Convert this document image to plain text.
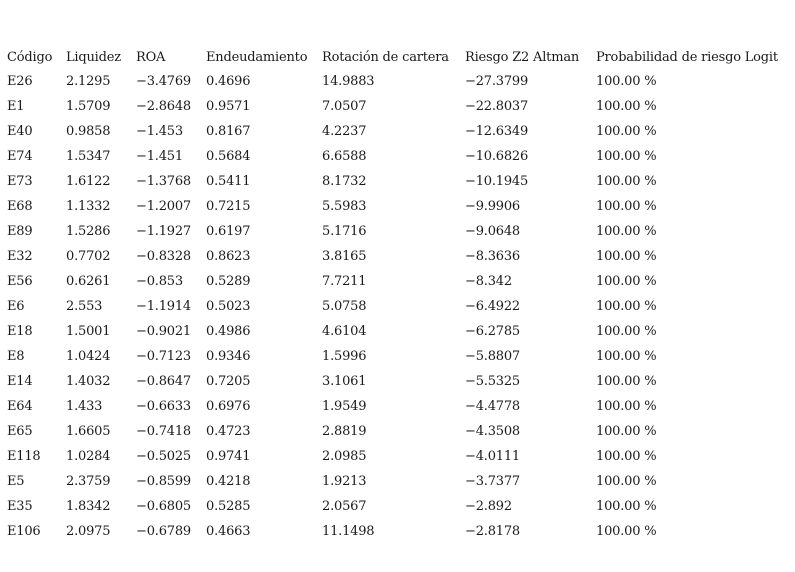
Código	Liquidez	ROA	Endeudamiento	Rotación de cartera	Riesgo Z2 Altman	Probabilidad de riesgo Logit
E26	2.1295	−3.4769	0.4696	14.9883	−27.3799	100.00 %
E1	1.5709	−2.8648	0.9571	7.0507	−22.8037	100.00 %
E40	0.9858	−1.453	0.8167	4.2237	−12.6349	100.00 %
E74	1.5347	−1.451	0.5684	6.6588	−10.6826	100.00 %
E73	1.6122	−1.3768	0.5411	8.1732	−10.1945	100.00 %
E68	1.1332	−1.2007	0.7215	5.5983	−9.9906	100.00 %
E89	1.5286	−1.1927	0.6197	5.1716	−9.0648	100.00 %
E32	0.7702	−0.8328	0.8623	3.8165	−8.3636	100.00 %
E56	0.6261	−0.853	0.5289	7.7211	−8.342	100.00 %
E6	2.553	−1.1914	0.5023	5.0758	−6.4922	100.00 %
E18	1.5001	−0.9021	0.4986	4.6104	−6.2785	100.00 %
E8	1.0424	−0.7123	0.9346	1.5996	−5.8807	100.00 %
E14	1.4032	−0.8647	0.7205	3.1061	−5.5325	100.00 %
E64	1.433	−0.6633	0.6976	1.9549	−4.4778	100.00 %
E65	1.6605	−0.7418	0.4723	2.8819	−4.3508	100.00 %
E118	1.0284	−0.5025	0.9741	2.0985	−4.0111	100.00 %
E5	2.3759	−0.8599	0.4218	1.9213	−3.7377	100.00 %
E35	1.8342	−0.6805	0.5285	2.0567	−2.892	100.00 %
E106	2.0975	−0.6789	0.4663	11.1498	−2.8178	100.00 %
